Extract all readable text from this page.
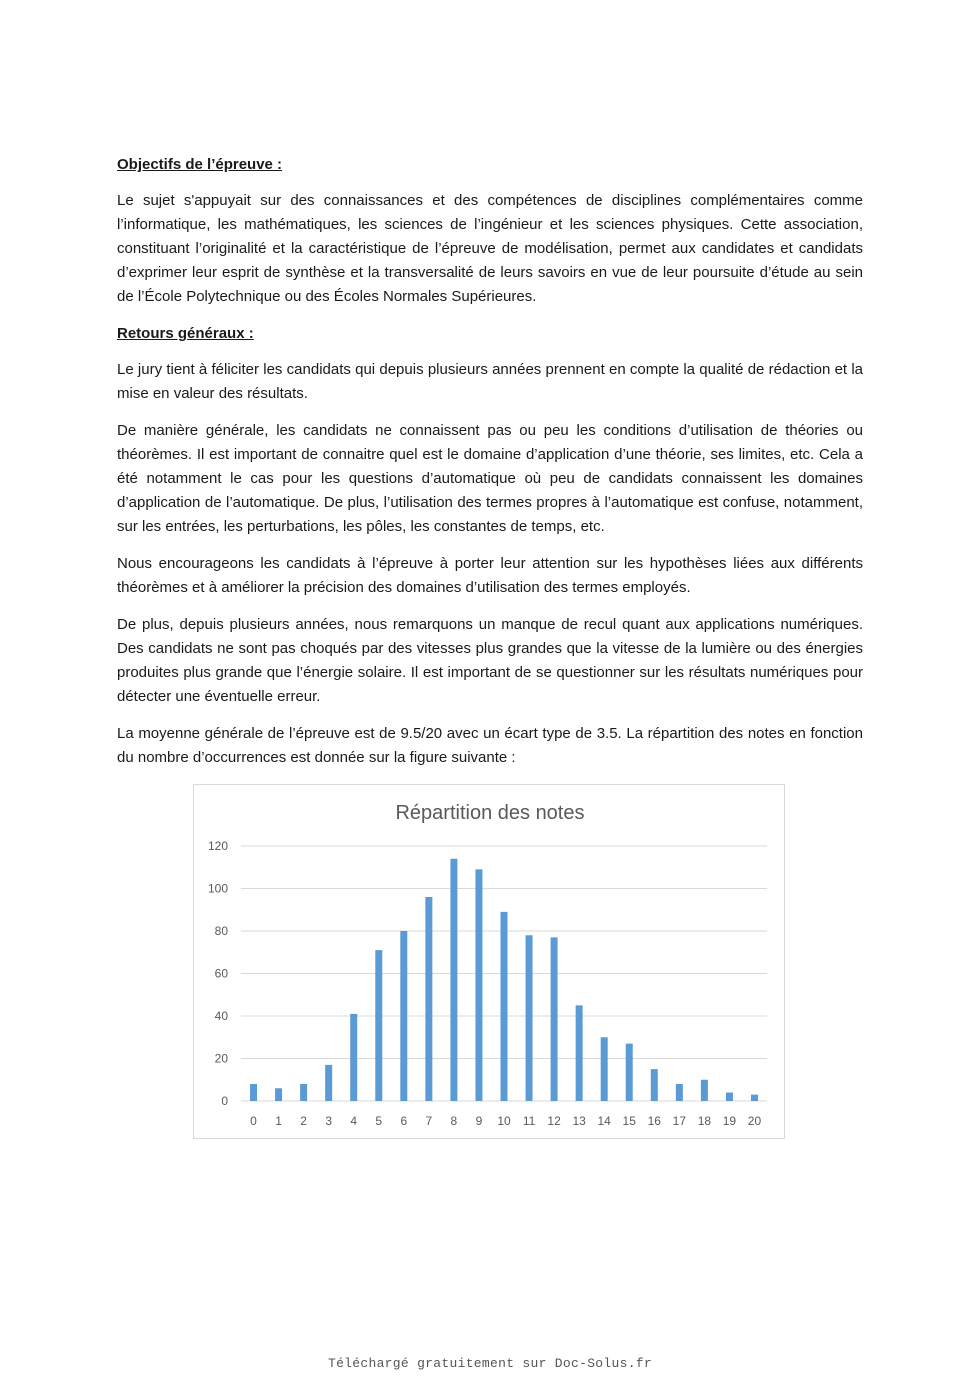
Objectifs de l’épreuve :

Le sujet s'appuyait sur des connaissances et des compétences de disciplines complémentaires comme l’informatique, les mathématiques, les sciences de l’ingénieur et les sciences physiques. Cette association, constituant l’originalité et la caractéristique de l’épreuve de modélisation, permet aux candidates et candidats d’exprimer leur esprit de synthèse et la transversalité de leurs savoirs en vue de leur poursuite d’étude au sein de l’École Polytechnique ou des Écoles Normales Supérieures.

Retours généraux :

Le jury tient à féliciter les candidats qui depuis plusieurs années prennent en compte la qualité de rédaction et la mise en valeur des résultats.

De manière générale, les candidats ne connaissent pas ou peu les conditions d’utilisation de théories ou théorèmes. Il est important de connaitre quel est le domaine d’application d’une théorie, ses limites, etc. Cela a été notamment le cas pour les questions d’automatique où peu de candidats connaissent les domaines d’application de l’automatique. De plus, l’utilisation des termes propres à l’automatique est confuse, notamment, sur les entrées, les perturbations, les pôles, les constantes de temps, etc.

Nous encourageons les candidats à l’épreuve à porter leur attention sur les hypothèses liées aux différents théorèmes et à améliorer la précision des domaines d’utilisation des termes employés.

De plus, depuis plusieurs années, nous remarquons un manque de recul quant aux applications numériques. Des candidats ne sont pas choqués par des vitesses plus grandes que la vitesse de la lumière ou des énergies produites plus grande que l’énergie solaire. Il est important de se questionner sur les résultats numériques pour détecter une éventuelle erreur.

La moyenne générale de l’épreuve est de 9.5/20 avec un écart type de 3.5. La répartition des notes en fonction du nombre d’occurrences est donnée sur la figure suivante :

Répartition des notes
0
20
40
60
80
100
120
0 1 2 3 4 5 6 7 8 9 10 11 12 13 14 15 16 17 18 19 20
Téléchargé gratuitement sur Doc-Solus.fr
